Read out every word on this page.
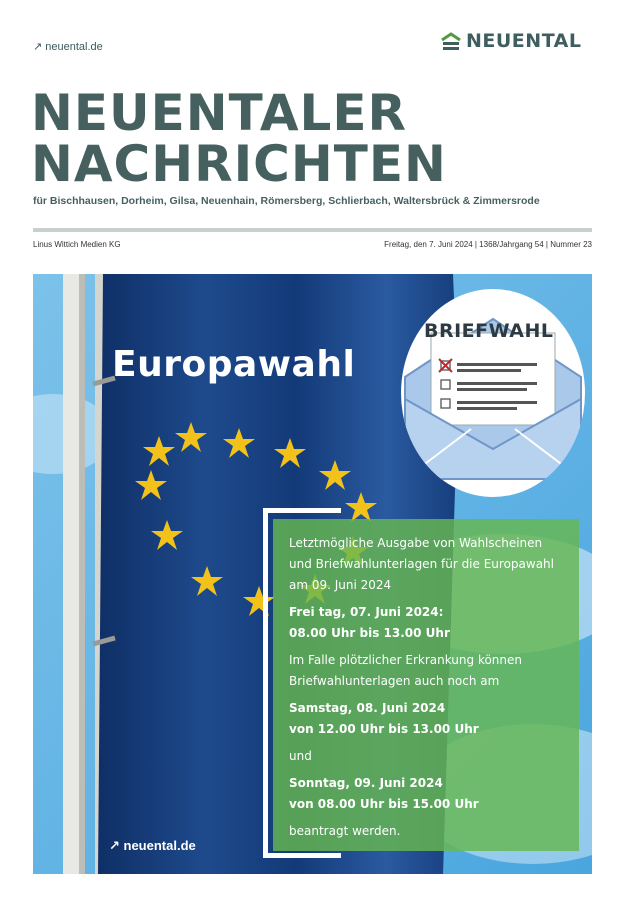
↗ neuental.de	NEUENTAL
NEUENTALER
NACHRICHTEN
für Bischhausen, Dorheim, Gilsa, Neuenhain, Römersberg, Schlierbach, Waltersbrück & Zimmersrode
Linus Wittich Medien KG	Freitag, den 7. Juni 2024 | 1368/Jahrgang 54 | Nummer 23
Europawahl
BRIEFWAHL

Letztmögliche Ausgabe von Wahlscheinen und Briefwahlunterlagen für die Europawahl am 09. Juni 2024

Frei tag, 07. Juni 2024:

08.00 Uhr bis 13.00 Uhr

Im Falle plötzlicher Erkrankung können Briefwahlunterlagen auch noch am

Samstag, 08. Juni 2024

von 12.00 Uhr bis 13.00 Uhr

und

Sonntag, 09. Juni 2024

von 08.00 Uhr bis 15.00 Uhr

beantragt werden.

↗ neuental.de
